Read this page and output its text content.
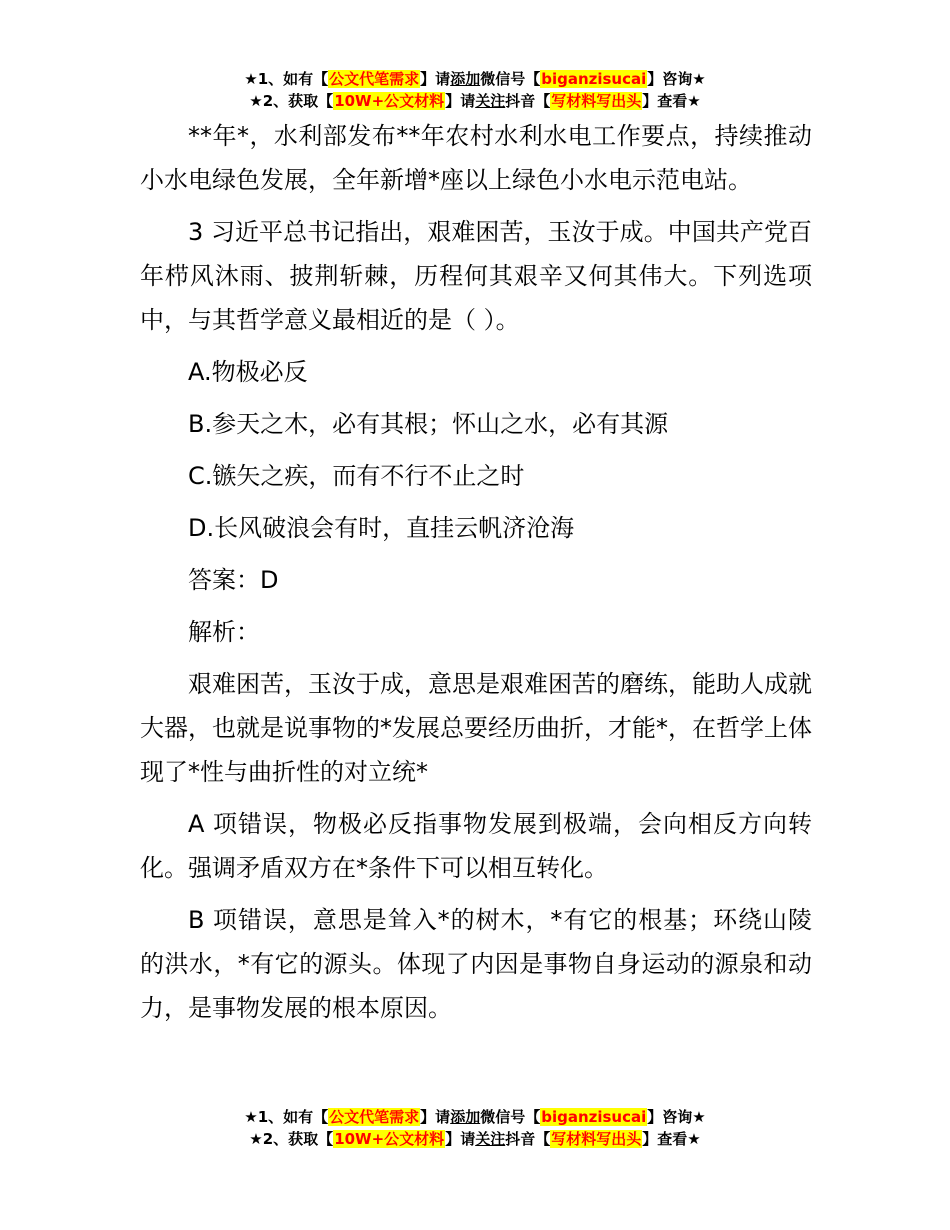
★1、如有【公文代笔需求】请添加微信号【biganzisucai】咨询★
★2、获取【10W+公文材料】请关注抖音【写材料写出头】查看★

**年*，水利部发布**年农村水利水电工作要点，持续推动小水电绿色发展，全年新增*座以上绿色小水电示范电站。

3 习近平总书记指出，艰难困苦，玉汝于成。中国共产党百年栉风沐雨、披荆斩棘，历程何其艰辛又何其伟大。下列选项中，与其哲学意义最相近的是（ ）。

A.物极必反

B.参天之木，必有其根；怀山之水，必有其源

C.镞矢之疾，而有不行不止之时

D.长风破浪会有时，直挂云帆济沧海

答案：D

解析：

艰难困苦，玉汝于成，意思是艰难困苦的磨练，能助人成就大器，也就是说事物的*发展总要经历曲折，才能*，在哲学上体现了*性与曲折性的对立统*

A 项错误，物极必反指事物发展到极端，会向相反方向转化。强调矛盾双方在*条件下可以相互转化。

B 项错误，意思是耸入*的树木，*有它的根基；环绕山陵的洪水，*有它的源头。体现了内因是事物自身运动的源泉和动力，是事物发展的根本原因。

★1、如有【公文代笔需求】请添加微信号【biganzisucai】咨询★
★2、获取【10W+公文材料】请关注抖音【写材料写出头】查看★
